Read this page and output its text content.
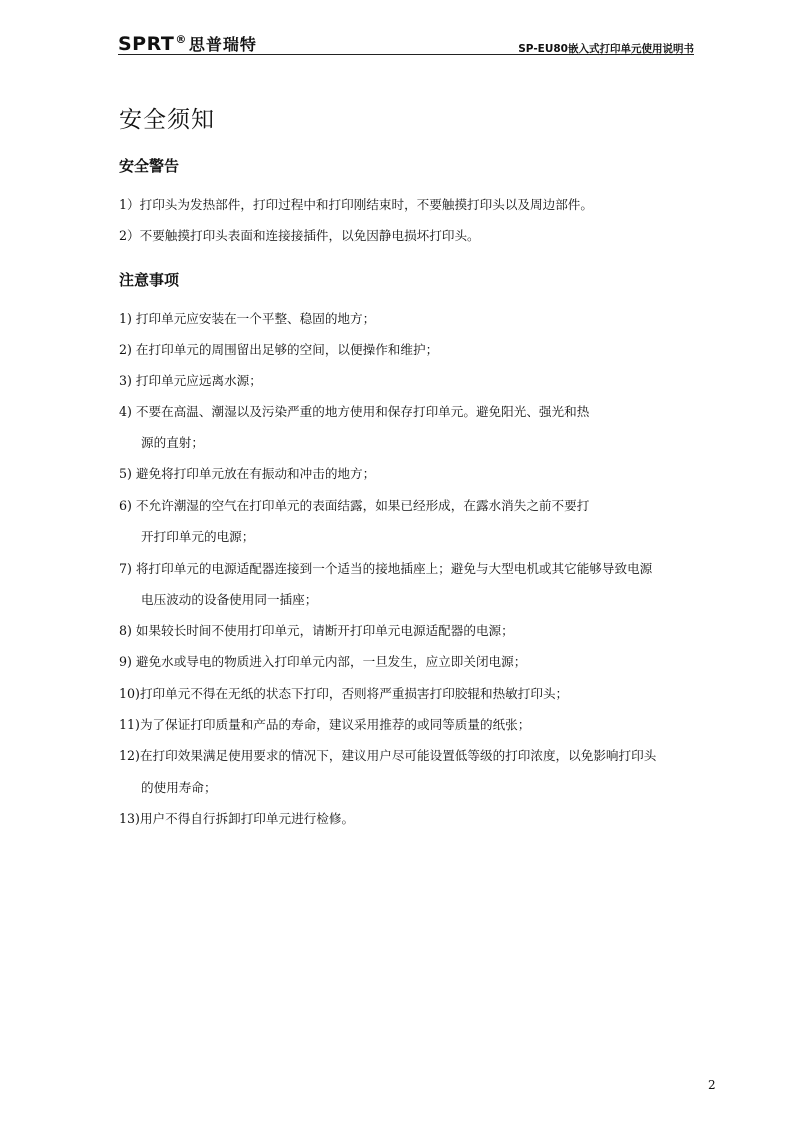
SPRT® 思普瑞特	SP-EU80嵌入式打印单元使用说明书
安全须知
安全警告
1）打印头为发热部件，打印过程中和打印刚结束时，不要触摸打印头以及周边部件。
2）不要触摸打印头表面和连接接插件，以免因静电损坏打印头。
注意事项
1) 打印单元应安装在一个平整、稳固的地方；
2) 在打印单元的周围留出足够的空间，以便操作和维护；
3) 打印单元应远离水源；
4) 不要在高温、潮湿以及污染严重的地方使用和保存打印单元。避免阳光、强光和热
源的直射；
5) 避免将打印单元放在有振动和冲击的地方；
6) 不允许潮湿的空气在打印单元的表面结露，如果已经形成，在露水消失之前不要打
开打印单元的电源；
7) 将打印单元的电源适配器连接到一个适当的接地插座上；避免与大型电机或其它能够导致电源
电压波动的设备使用同一插座；
8) 如果较长时间不使用打印单元，请断开打印单元电源适配器的电源；
9) 避免水或导电的物质进入打印单元内部，一旦发生，应立即关闭电源；
10)打印单元不得在无纸的状态下打印，否则将严重损害打印胶辊和热敏打印头；
11)为了保证打印质量和产品的寿命，建议采用推荐的或同等质量的纸张；
12)在打印效果满足使用要求的情况下，建议用户尽可能设置低等级的打印浓度，以免影响打印头
的使用寿命；
13)用户不得自行拆卸打印单元进行检修。
2
